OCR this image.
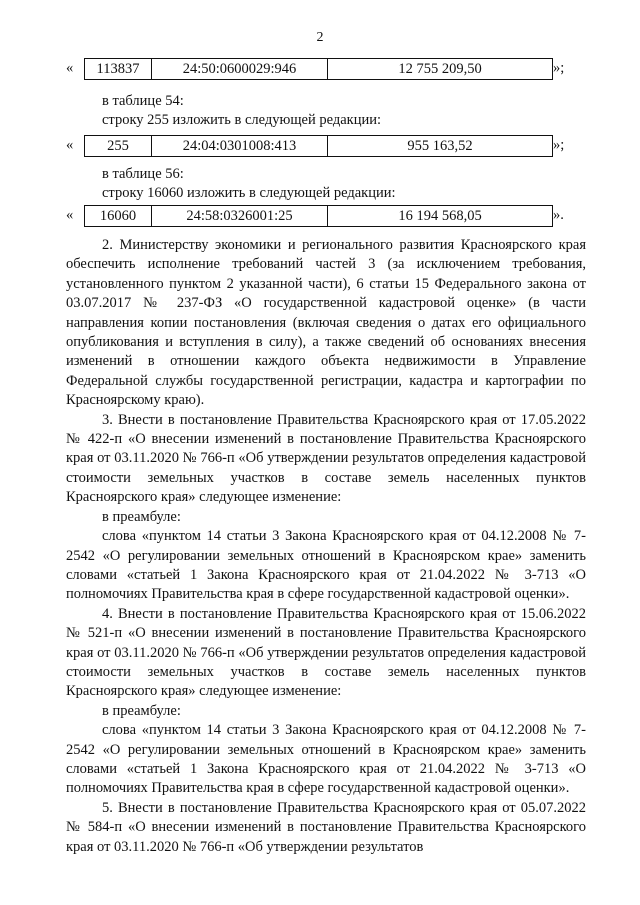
2
« 113837	24:50:0600029:946	12 755 209,50	»;
в таблице 54:
строку 255 изложить в следующей редакции:
« 255	24:04:0301008:413	955 163,52	»;
в таблице 56:
строку 16060 изложить в следующей редакции:
« 16060	24:58:0326001:25	16 194 568,05	».

2. Министерству экономики и регионального развития Красноярского края обеспечить исполнение требований частей 3 (за исключением требования, установленного пунктом 2 указанной части), 6 статьи 15 Федерального закона от 03.07.2017 № 237-ФЗ «О государственной кадастровой оценке» (в части направления копии постановления (включая сведения о датах его официального опубликования и вступления в силу), а также сведений об основаниях внесения изменений в отношении каждого объекта недвижимости в Управление Федеральной службы государственной регистрации, кадастра и картографии по Красноярскому краю).

3. Внести в постановление Правительства Красноярского края от 17.05.2022 № 422-п «О внесении изменений в постановление Правительства Красноярского края от 03.11.2020 № 766-п «Об утверждении результатов определения кадастровой стоимости земельных участков в составе земель населенных пунктов Красноярского края» следующее изменение:

в преамбуле:

слова «пунктом 14 статьи 3 Закона Красноярского края от 04.12.2008 № 7-2542 «О регулировании земельных отношений в Красноярском крае» заменить словами «статьей 1 Закона Красноярского края от 21.04.2022 № 3-713 «О полномочиях Правительства края в сфере государственной кадастровой оценки».

4. Внести в постановление Правительства Красноярского края от 15.06.2022 № 521-п «О внесении изменений в постановление Правительства Красноярского края от 03.11.2020 № 766-п «Об утверждении результатов определения кадастровой стоимости земельных участков в составе земель населенных пунктов Красноярского края» следующее изменение:

в преамбуле:

слова «пунктом 14 статьи 3 Закона Красноярского края от 04.12.2008 № 7-2542 «О регулировании земельных отношений в Красноярском крае» заменить словами «статьей 1 Закона Красноярского края от 21.04.2022 № 3-713 «О полномочиях Правительства края в сфере государственной кадастровой оценки».

5. Внести в постановление Правительства Красноярского края от 05.07.2022 № 584-п «О внесении изменений в постановление Правительства Красноярского края от 03.11.2020 № 766-п «Об утверждении результатов
